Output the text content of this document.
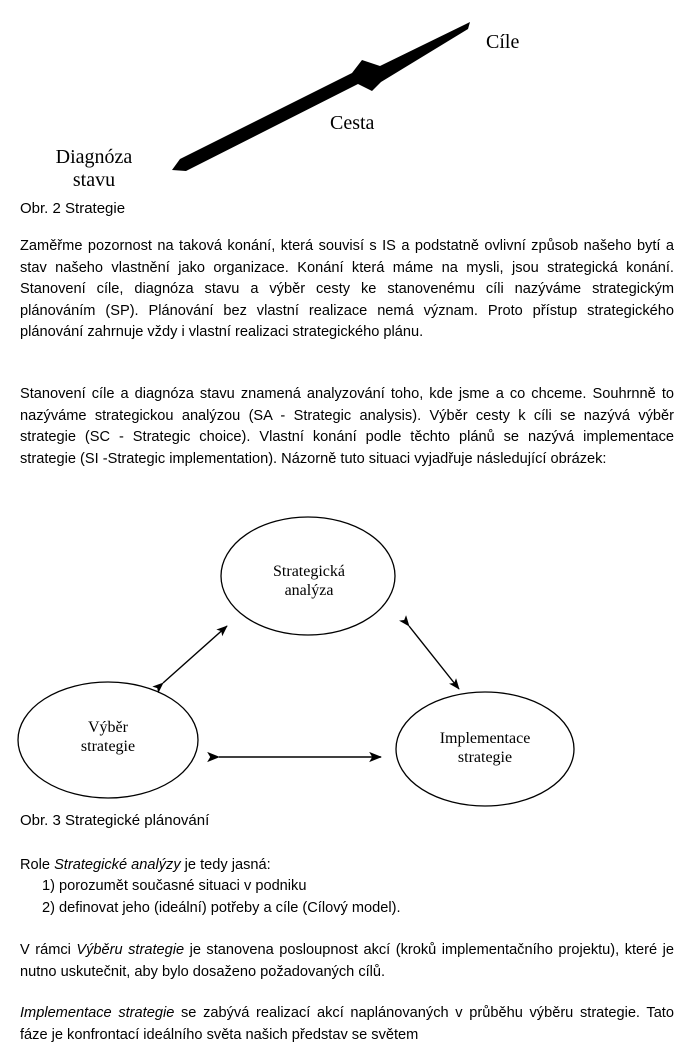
Cíle
Cesta
Diagnóza
stavu
Obr. 2 Strategie
Zaměřme pozornost na taková konání, která souvisí s IS a podstatně ovlivní způsob našeho bytí a stav našeho vlastnění jako organizace. Konání která máme na mysli, jsou strategická konání. Stanovení cíle, diagnóza stavu a výběr cesty ke stanovenému cíli nazýváme strategickým plánováním (SP). Plánování bez vlastní realizace nemá význam. Proto přístup strategického plánování zahrnuje vždy i vlastní realizaci strategického plánu.
Stanovení cíle a diagnóza stavu znamená analyzování toho, kde jsme a co chceme. Souhrnně to nazýváme strategickou analýzou (SA - Strategic analysis). Výběr cesty k cíli se nazývá výběr strategie (SC - Strategic choice). Vlastní konání podle těchto plánů se nazývá implementace strategie (SI -Strategic implementation). Názorně tuto situaci vyjadřuje následující obrázek:
Strategická
analýza
Výběr
strategie	Implementace
strategie
Obr. 3 Strategické plánování
Role Strategické analýzy je tedy jasná:
1) porozumět současné situaci v podniku
2) definovat jeho (ideální) potřeby a cíle (Cílový model).
V rámci Výběru strategie je stanovena posloupnost akcí (kroků implementačního projektu), které je nutno uskutečnit, aby bylo dosaženo požadovaných cílů.
Implementace strategie se zabývá realizací akcí naplánovaných v průběhu výběru strategie. Tato fáze je konfrontací ideálního světa našich představ se světem
